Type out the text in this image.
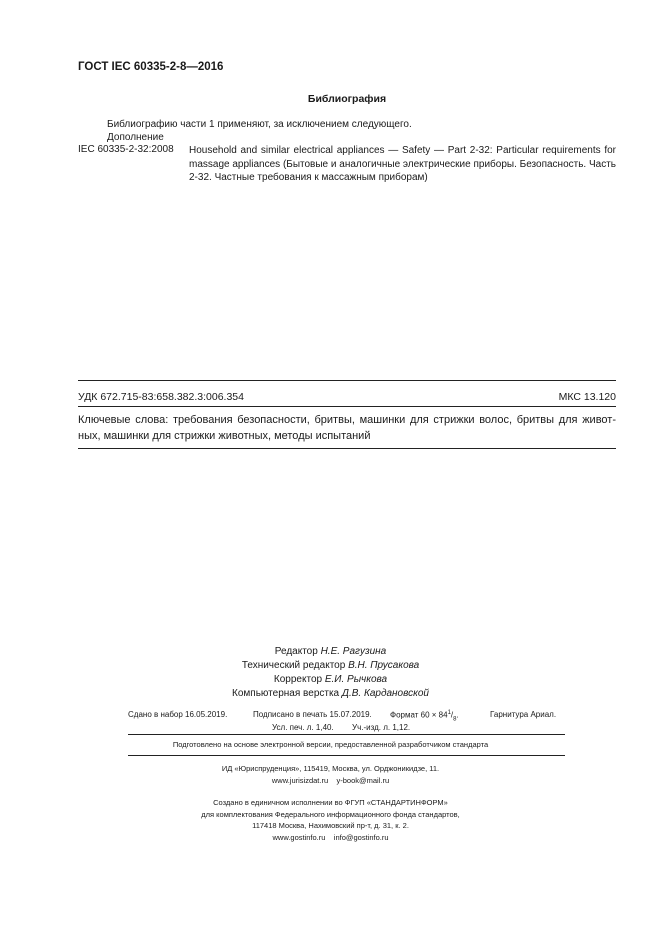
ГОСТ IEC 60335-2-8—2016
Библиография
Библиографию части 1 применяют, за исключением следующего.
Дополнение
IEC 60335-2-32:2008 Household and similar electrical appliances — Safety — Part 2-32: Particular requirements for massage appliances (Бытовые и аналогичные электрические приборы. Безопасность. Часть 2-32. Частные требования к массажным приборам)
УДК 672.715-83:658.382.3:006.354	МКС 13.120
Ключевые слова: требования безопасности, бритвы, машинки для стрижки волос, бритвы для живот-ных, машинки для стрижки животных, методы испытаний
Редактор Н.Е. Рагузина
Технический редактор В.Н. Прусакова
Корректор Е.И. Рычкова
Компьютерная верстка Д.В. Кардановской
Сдано в набор 16.05.2019.	Подписано в печать 15.07.2019. Формат $60 \times 84^1/_8$.	Гарнитура Ариал.
Усл. печ. л. 1,40. Уч.-изд. л. 1,12.
Подготовлено на основе электронной версии, предоставленной разработчиком стандарта
ИД «Юриспруденция», 115419, Москва, ул. Орджоникидзе, 11.
www.jurisizdat.ru y-book@mail.ru
Создано в единичном исполнении во ФГУП «СТАНДАРТИНФОРМ»
для комплектования Федерального информационного фонда стандартов,
117418 Москва, Нахимовский пр-т, д. 31, к. 2.
www.gostinfo.ru info@gostinfo.ru
